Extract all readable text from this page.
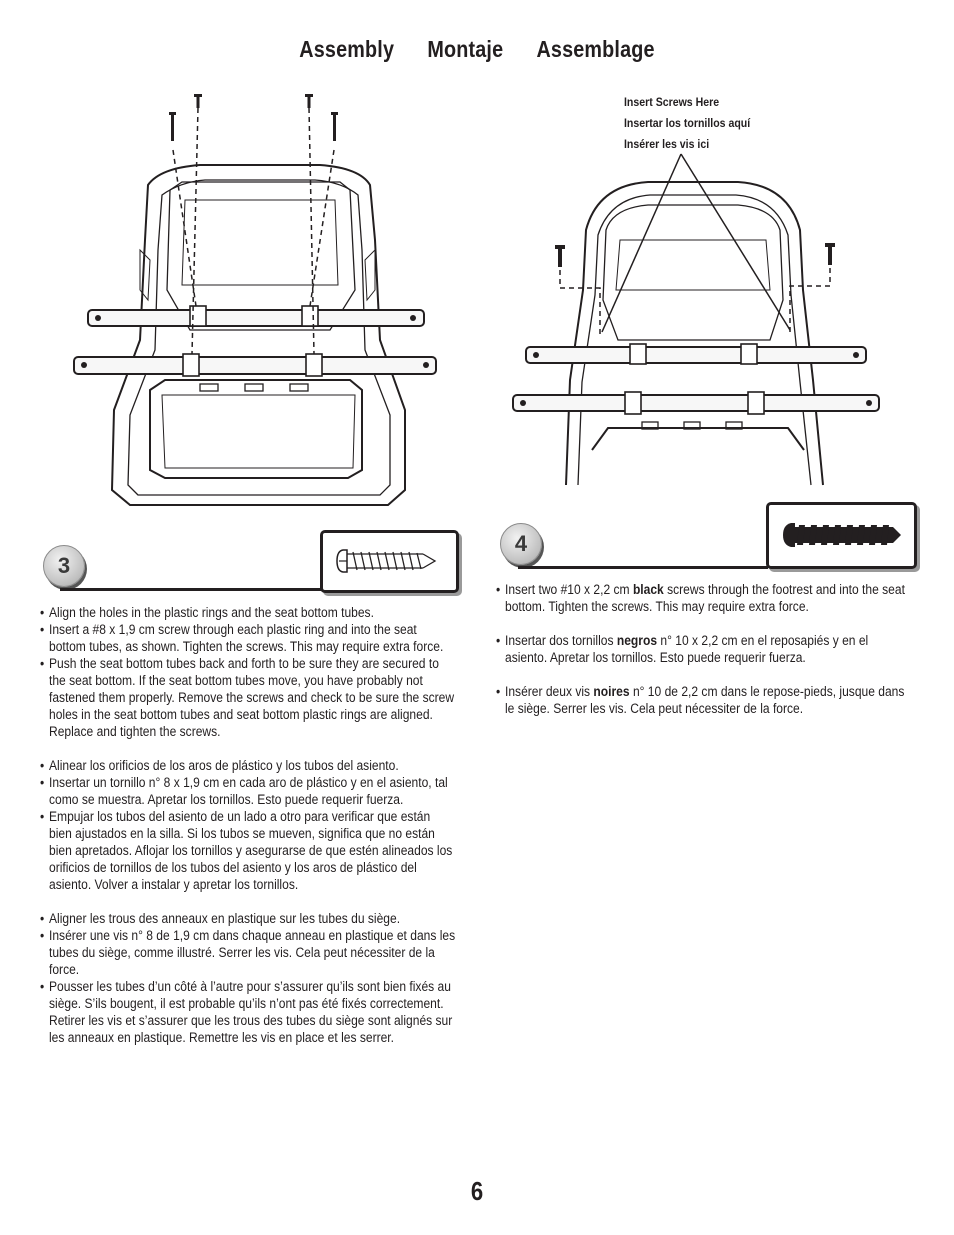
Assembly Montaje Assemblage
Insert Screws Here
Insertar los tornillos aquí
Insérer les vis ici
3
4
• Align the holes in the plastic rings and the seat bottom tubes.
• Insert a #8 x 1,9 cm screw through each plastic ring and into the seat bottom tubes, as shown. Tighten the screws. This may require extra force.
• Push the seat bottom tubes back and forth to be sure they are secured to the seat bottom. If the seat bottom tubes move, you have probably not fastened them properly. Remove the screws and check to be sure the screw holes in the seat bottom tubes and seat bottom plastic rings are aligned. Replace and tighten the screws.
• Alinear los orificios de los aros de plástico y los tubos del asiento.
• Insertar un tornillo n° 8 x 1,9 cm en cada aro de plástico y en el asiento, tal como se muestra. Apretar los tornillos. Esto puede requerir fuerza.
• Empujar los tubos del asiento de un lado a otro para verificar que están bien ajustados en la silla. Si los tubos se mueven, significa que no están bien apretados. Aflojar los tornillos y asegurarse de que estén alineados los orificios de tornillos de los tubos del asiento y los aros de plástico del asiento. Volver a instalar y apretar los tornillos.
• Aligner les trous des anneaux en plastique sur les tubes du siège.
• Insérer une vis n° 8 de 1,9 cm dans chaque anneau en plastique et dans les tubes du siège, comme illustré. Serrer les vis. Cela peut nécessiter de la force.
• Pousser les tubes d’un côté à l’autre pour s’assurer qu’ils sont bien fixés au siège. S’ils bougent, il est probable qu’ils n’ont pas été fixés correctement. Retirer les vis et s’assurer que les trous des tubes du siège sont alignés sur les anneaux en plastique. Remettre les vis en place et les serrer.
• Insert two #10 x 2,2 cm black screws through the footrest and into the seat bottom. Tighten the screws. This may require extra force.
• Insertar dos tornillos negros n° 10 x 2,2 cm en el reposapiés y en el asiento. Apretar los tornillos. Esto puede requerir fuerza.
• Insérer deux vis noires n° 10 de 2,2 cm dans le repose-pieds, jusque dans le siège. Serrer les vis. Cela peut nécessiter de la force.
6
